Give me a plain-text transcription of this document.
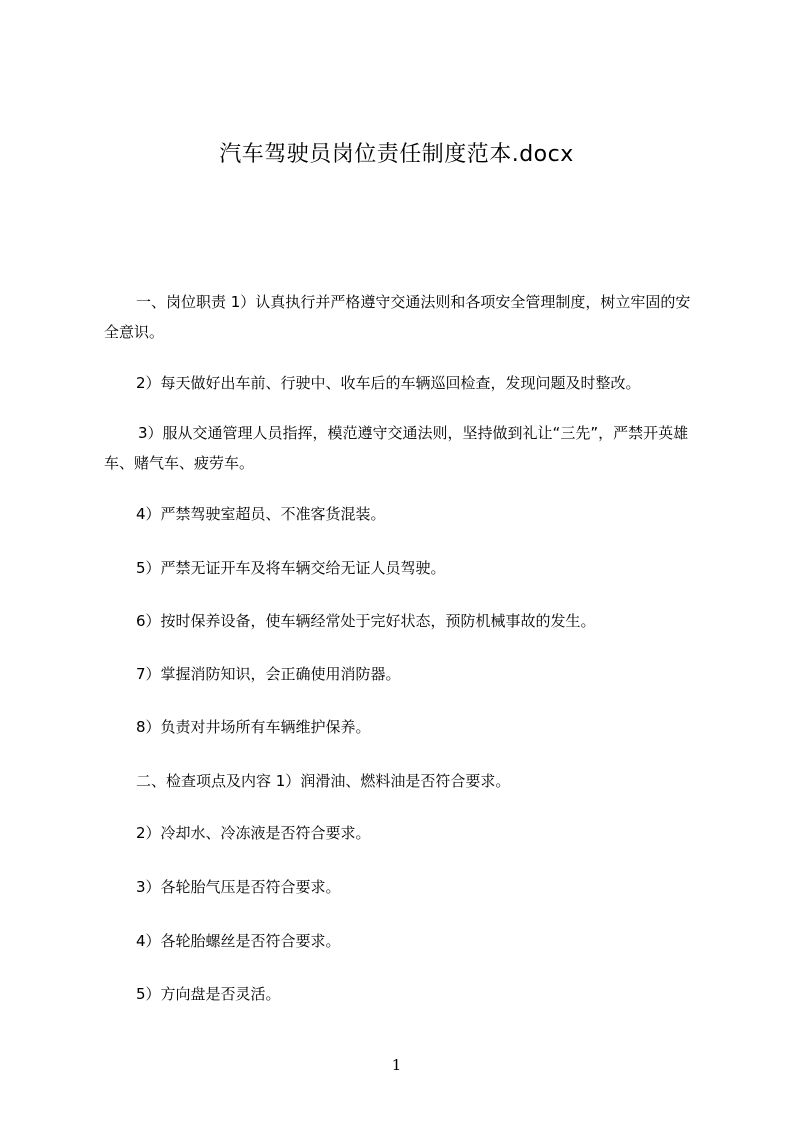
汽车驾驶员岗位责任制度范本.docx

一、岗位职责 1）认真执行并严格遵守交通法则和各项安全管理制度，树立牢固的安全意识。

2）每天做好出车前、行驶中、收车后的车辆巡回检查，发现问题及时整改。

3）服从交通管理人员指挥，模范遵守交通法则，坚持做到礼让“三先”，严禁开英雄车、赌气车、疲劳车。

4）严禁驾驶室超员、不准客货混装。

5）严禁无证开车及将车辆交给无证人员驾驶。

6）按时保养设备，使车辆经常处于完好状态，预防机械事故的发生。

7）掌握消防知识，会正确使用消防器。

8）负责对井场所有车辆维护保养。

二、检查项点及内容 1）润滑油、燃料油是否符合要求。

2）冷却水、冷冻液是否符合要求。

3）各轮胎气压是否符合要求。

4）各轮胎螺丝是否符合要求。

5）方向盘是否灵活。

1
